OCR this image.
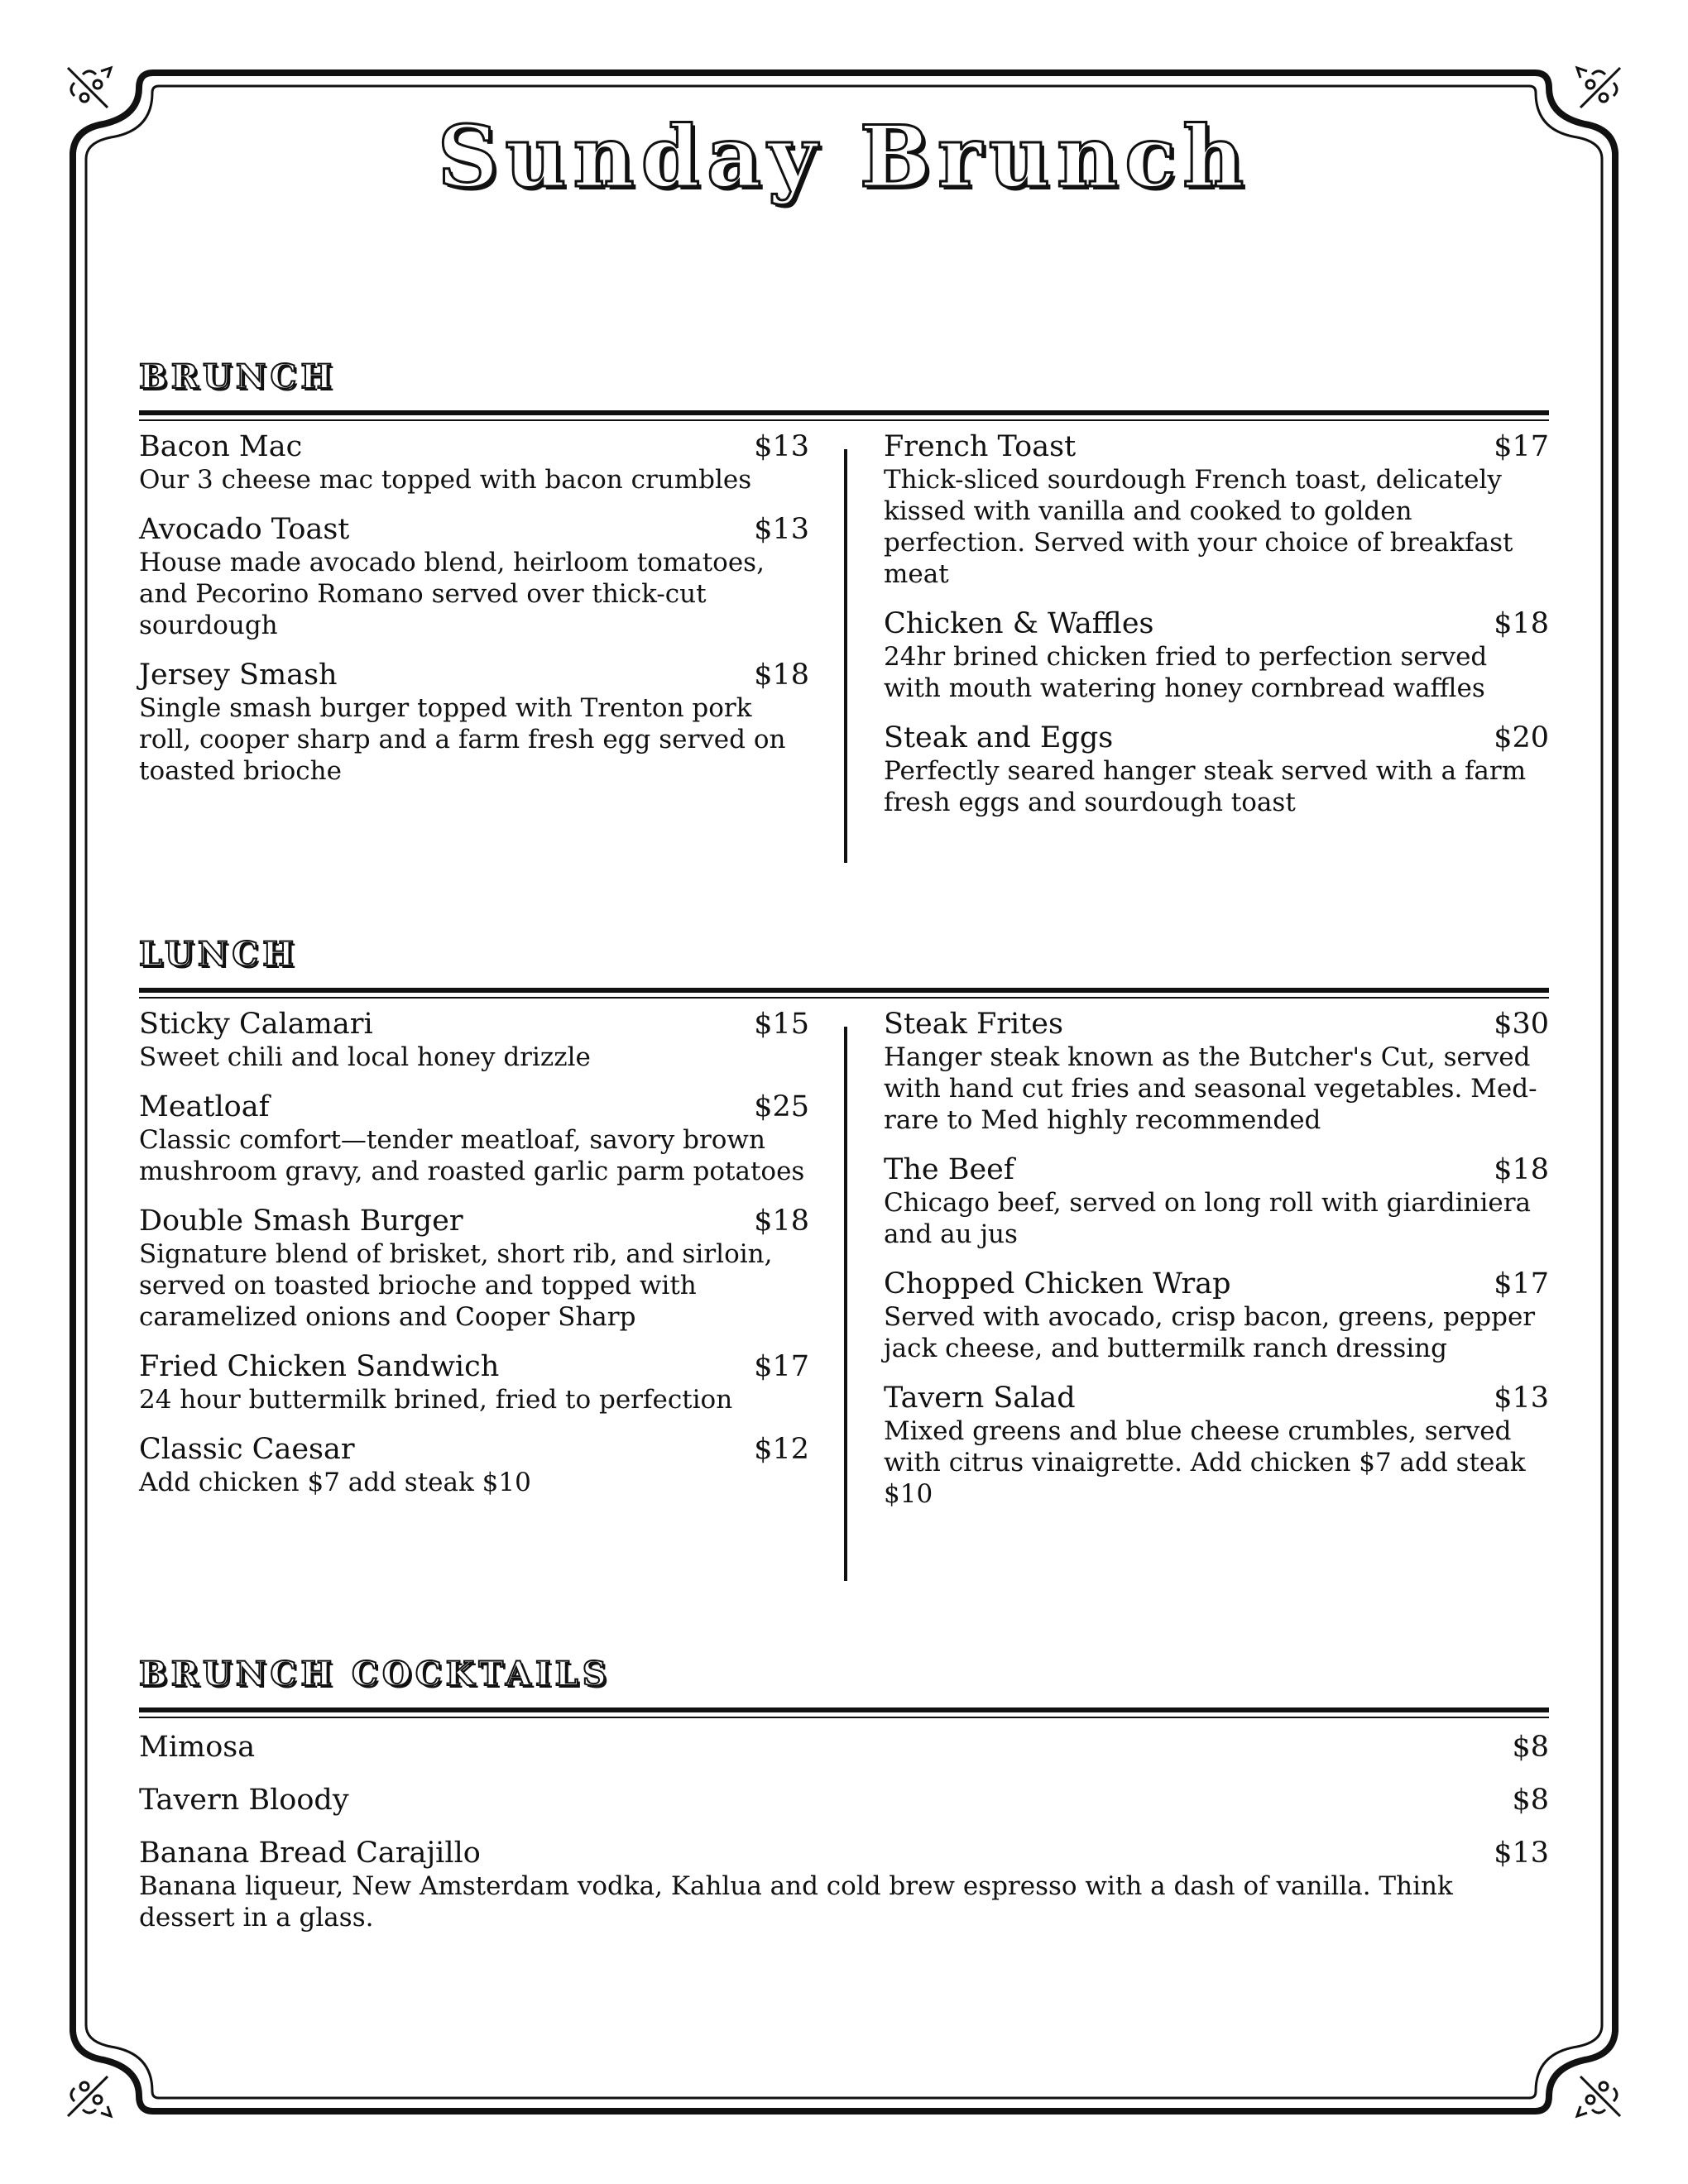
Sunday Brunch
BRUNCH
Bacon Mac	$13
Our 3 cheese mac topped with bacon crumbles
Avocado Toast	$13
House made avocado blend, heirloom tomatoes, and Pecorino Romano served over thick-cut sourdough
Jersey Smash	$18
Single smash burger topped with Trenton pork roll, cooper sharp and a farm fresh egg served on toasted brioche
French Toast	$17
Thick-sliced sourdough French toast, delicately kissed with vanilla and cooked to golden perfection. Served with your choice of breakfast meat
Chicken & Waffles	$18
24hr brined chicken fried to perfection served with mouth watering honey cornbread waffles
Steak and Eggs	$20
Perfectly seared hanger steak served with a farm fresh eggs and sourdough toast
LUNCH
Sticky Calamari	$15
Sweet chili and local honey drizzle
Meatloaf	$25
Classic comfort—tender meatloaf, savory brown mushroom gravy, and roasted garlic parm potatoes
Double Smash Burger	$18
Signature blend of brisket, short rib, and sirloin, served on toasted brioche and topped with caramelized onions and Cooper Sharp
Fried Chicken Sandwich	$17
24 hour buttermilk brined, fried to perfection
Classic Caesar	$12
Add chicken $7 add steak $10
Steak Frites	$30
Hanger steak known as the Butcher's Cut, served with hand cut fries and seasonal vegetables. Med-rare to Med highly recommended
The Beef	$18
Chicago beef, served on long roll with giardiniera and au jus
Chopped Chicken Wrap	$17
Served with avocado, crisp bacon, greens, pepper jack cheese, and buttermilk ranch dressing
Tavern Salad	$13
Mixed greens and blue cheese crumbles, served with citrus vinaigrette. Add chicken $7 add steak $10
BRUNCH COCKTAILS
Mimosa	$8
Tavern Bloody	$8
Banana Bread Carajillo	$13
Banana liqueur, New Amsterdam vodka, Kahlua and cold brew espresso with a dash of vanilla. Think dessert in a glass.
